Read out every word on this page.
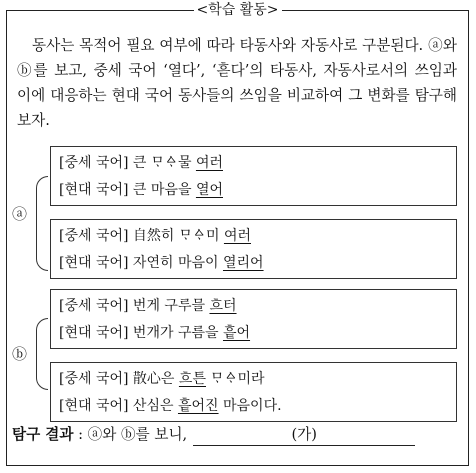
<학습 활동>

동사는 목적어 필요 여부에 따라 타동사와 자동사로 구분된다. ⓐ와 ⓑ를 보고, 중세 국어 ‘열다’, ‘흗다’의 타동사, 자동사로서의 쓰임과 이에 대응하는 현대 국어 동사들의 쓰임을 비교하여 그 변화를 탐구해 보자.

ⓐ
[중세 국어] 큰 ᄆᆞᅀᆞ물 여러
[현대 국어] 큰 마음을 열어
[중세 국어] 自然히 ᄆᆞᅀᆞ미 여러
[현대 국어] 자연히 마음이 열리어
ⓑ
[중세 국어] 번게 구루믈 흐터
[현대 국어] 번개가 구름을 흩어
[중세 국어] 散心은 흐튼 ᄆᆞᅀᆞ미라
[현대 국어] 산심은 흩어진 마음이다.
탐구 결과 : ⓐ와 ⓑ를 보니,	(가)
